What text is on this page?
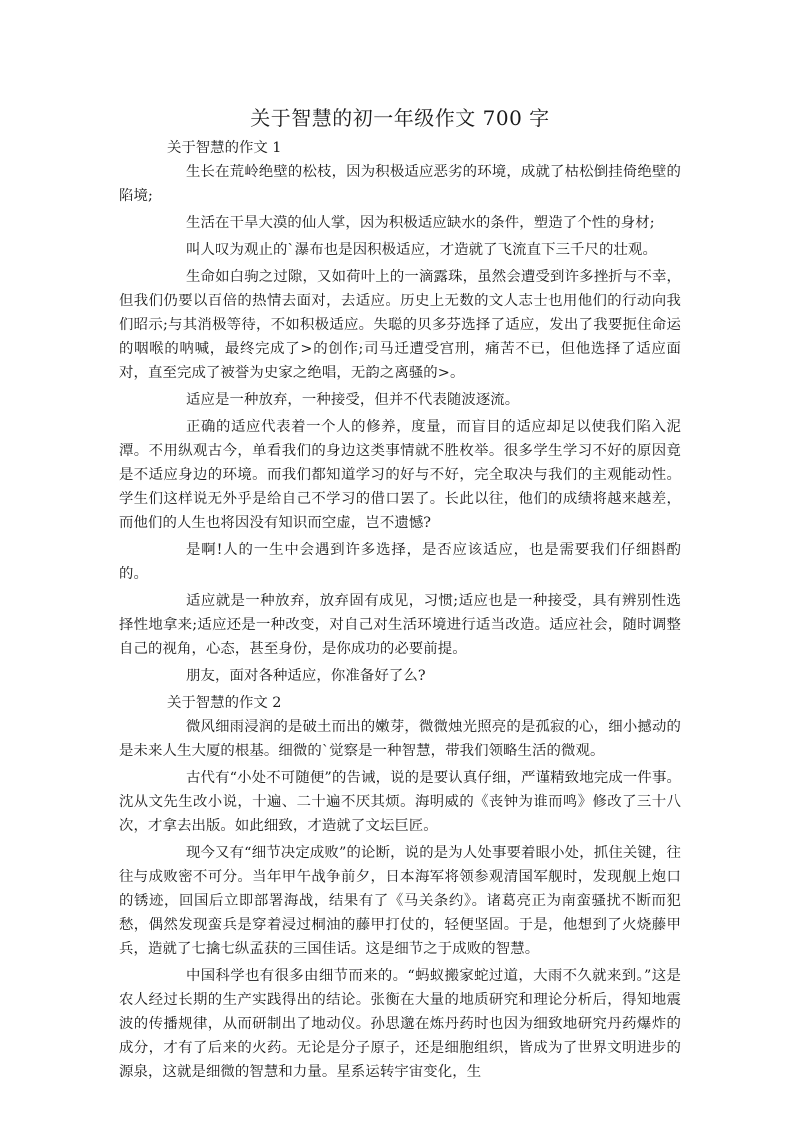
关于智慧的初一年级作文 700 字

关于智慧的作文 1

生长在荒岭绝壁的松枝，因为积极适应恶劣的环境，成就了枯松倒挂倚绝壁的陷境;

生活在干旱大漠的仙人掌，因为积极适应缺水的条件，塑造了个性的身材;

叫人叹为观止的`瀑布也是因积极适应，才造就了飞流直下三千尺的壮观。

生命如白驹之过隙，又如荷叶上的一滴露珠，虽然会遭受到许多挫折与不幸，但我们仍要以百倍的热情去面对，去适应。历史上无数的文人志士也用他们的行动向我们昭示;与其消极等待，不如积极适应。失聪的贝多芬选择了适应，发出了我要扼住命运的咽喉的呐喊，最终完成了>的创作;司马迁遭受宫刑，痛苦不已，但他选择了适应面对，直至完成了被誉为史家之绝唱，无韵之离骚的>。

适应是一种放弃，一种接受，但并不代表随波逐流。

正确的适应代表着一个人的修养，度量，而盲目的适应却足以使我们陷入泥潭。不用纵观古今，单看我们的身边这类事情就不胜枚举。很多学生学习不好的原因竟是不适应身边的环境。而我们都知道学习的好与不好，完全取决与我们的主观能动性。学生们这样说无外乎是给自己不学习的借口罢了。长此以往，他们的成绩将越来越差，而他们的人生也将因没有知识而空虚，岂不遗憾?

是啊!人的一生中会遇到许多选择，是否应该适应，也是需要我们仔细斟酌的。

适应就是一种放弃，放弃固有成见，习惯;适应也是一种接受，具有辨别性选择性地拿来;适应还是一种改变，对自己对生活环境进行适当改造。适应社会，随时调整自己的视角，心态，甚至身份，是你成功的必要前提。

朋友，面对各种适应，你准备好了么?

关于智慧的作文 2

微风细雨浸润的是破土而出的嫩芽，微微烛光照亮的是孤寂的心，细小撼动的是未来人生大厦的根基。细微的`觉察是一种智慧，带我们领略生活的微观。

古代有“小处不可随便”的告诫，说的是要认真仔细，严谨精致地完成一件事。沈从文先生改小说，十遍、二十遍不厌其烦。海明威的《丧钟为谁而鸣》修改了三十八次，才拿去出版。如此细致，才造就了文坛巨匠。

现今又有“细节决定成败”的论断，说的是为人处事要着眼小处，抓住关键，往往与成败密不可分。当年甲午战争前夕，日本海军将领参观清国军舰时，发现舰上炮口的锈迹，回国后立即部署海战，结果有了《马关条约》。诸葛亮正为南蛮骚扰不断而犯愁，偶然发现蛮兵是穿着浸过桐油的藤甲打仗的，轻便坚固。于是，他想到了火烧藤甲兵，造就了七擒七纵孟获的三国佳话。这是细节之于成败的智慧。

中国科学也有很多由细节而来的。“蚂蚁搬家蛇过道，大雨不久就来到。”这是农人经过长期的生产实践得出的结论。张衡在大量的地质研究和理论分析后，得知地震波的传播规律，从而研制出了地动仪。孙思邈在炼丹药时也因为细致地研究丹药爆炸的成分，才有了后来的火药。无论是分子原子，还是细胞组织，皆成为了世界文明进步的源泉，这就是细微的智慧和力量。星系运转宇宙变化，生
